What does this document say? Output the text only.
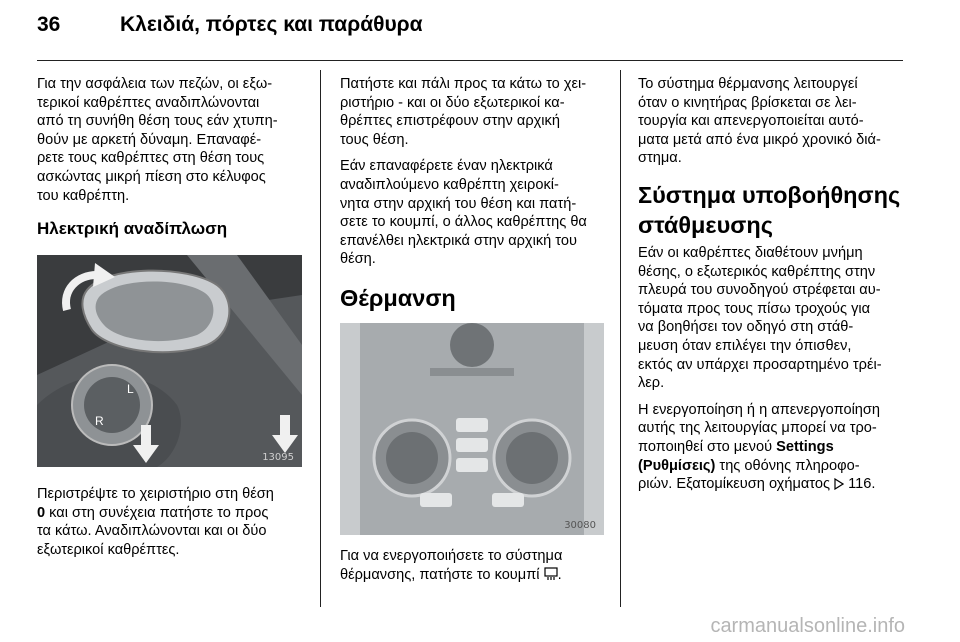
36	Κλειδιά, πόρτες και παράθυρα

Για την ασφάλεια των πεζών, οι εξω-
τερικοί καθρέπτες αναδιπλώνονται
από τη συνήθη θέση τους εάν χτυπη-
θούν με αρκετή δύναμη. Επαναφέ-
ρετε τους καθρέπτες στη θέση τους
ασκώντας μικρή πίεση στο κέλυφος
του καθρέπτη.

Ηλεκτρική αναδίπλωση
L
R
13095

Περιστρέψτε το χειριστήριο στη θέση
0 και στη συνέχεια πατήστε το προς
τα κάτω. Αναδιπλώνονται και οι δύο
εξωτερικοί καθρέπτες.

Πατήστε και πάλι προς τα κάτω το χει-
ριστήριο - και οι δύο εξωτερικοί κα-
θρέπτες επιστρέφουν στην αρχική
τους θέση.

Εάν επαναφέρετε έναν ηλεκτρικά
αναδιπλούμενο καθρέπτη χειροκί-
νητα στην αρχική του θέση και πατή-
σετε το κουμπί, ο άλλος καθρέπτης θα
επανέλθει ηλεκτρικά στην αρχική του
θέση.

Θέρμανση
30080

Για να ενεργοποιήσετε το σύστημα
θέρμανσης, πατήστε το κουμπί .

Το σύστημα θέρμανσης λειτουργεί
όταν ο κινητήρας βρίσκεται σε λει-
τουργία και απενεργοποιείται αυτό-
ματα μετά από ένα μικρό χρονικό διά-
στημα.

Σύστημα υποβοήθησης
στάθμευσης

Εάν οι καθρέπτες διαθέτουν μνήμη
θέσης, ο εξωτερικός καθρέπτης στην
πλευρά του συνοδηγού στρέφεται αυ-
τόματα προς τους πίσω τροχούς για
να βοηθήσει τον οδηγό στη στάθ-
μευση όταν επιλέγει την όπισθεν,
εκτός αν υπάρχει προσαρτημένο τρέι-
λερ.

Η ενεργοποίηση ή η απενεργοποίηση
αυτής της λειτουργίας μπορεί να τρο-
ποποιηθεί στο μενού Settings
(Ρυθμίσεις) της οθόνης πληροφο-
ριών. Εξατομίκευση οχήματος  116.

carmanualsonline.info
